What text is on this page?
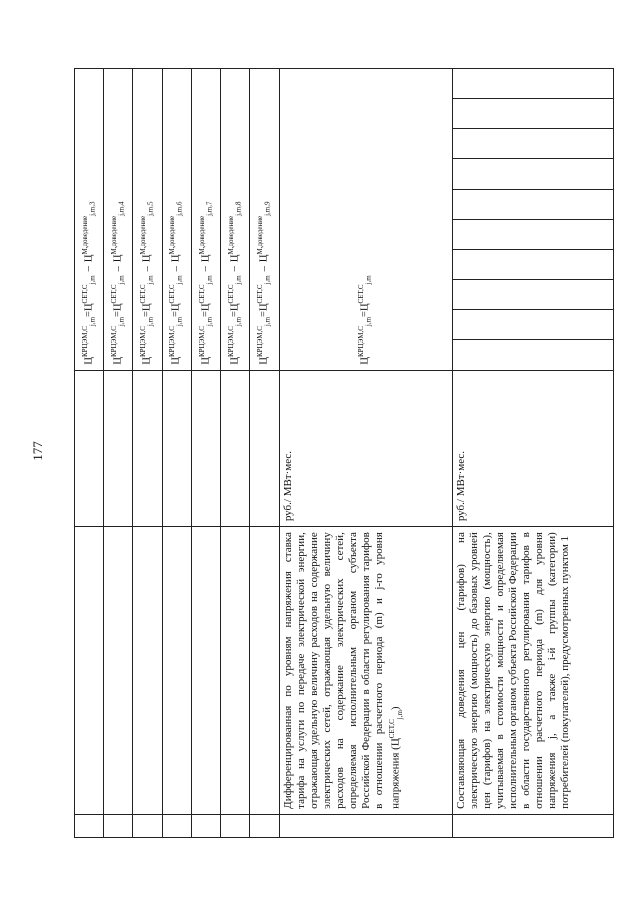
177
			$Ц^{КРЦЭМ,С}_{j,m}=Ц^{СЕТ,С}_{j,m}-Ц^{М,доведение}_{j,m,3}$
			$Ц^{КРЦЭМ,С}_{j,m}=Ц^{СЕТ,С}_{j,m}-Ц^{М,доведение}_{j,m,4}$
			$Ц^{КРЦЭМ,С}_{j,m}=Ц^{СЕТ,С}_{j,m}-Ц^{М,доведение}_{j,m,5}$
			$Ц^{КРЦЭМ,С}_{j,m}=Ц^{СЕТ,С}_{j,m}-Ц^{М,доведение}_{j,m,6}$
			$Ц^{КРЦЭМ,С}_{j,m}=Ц^{СЕТ,С}_{j,m}-Ц^{М,доведение}_{j,m,7}$
			$Ц^{КРЦЭМ,С}_{j,m}=Ц^{СЕТ,С}_{j,m}-Ц^{М,доведение}_{j,m,8}$
			$Ц^{КРЦЭМ,С}_{j,m}=Ц^{СЕТ,С}_{j,m}-Ц^{М,доведение}_{j,m,9}$
	Дифференцированная по уровням напряжения ставка тарифа на услуги по передаче электрической энергии, отражающая удельную величину расходов на содержание электрических сетей, отражающая удельную величину расходов на содержание электрических сетей, определяемая исполнительным органом субъекта Российской Федерации в области регулирования тарифов в отношении расчетного периода (m) и j-го уровня напряжения $(Ц^{СЕТ,С}_{j,m})$	руб./ МВт·мес.	$Ц^{КРЦЭМ,С}_{j,m}=Ц^{СЕТ,С}_{j,m}$
	Составляющая доведения цен (тарифов) на электрическую энергию (мощность) до базовых уровней цен (тарифов) на электрическую энергию (мощность), учитываемая в стоимости мощности и определяемая исполнительным органом субъекта Российской Федерации в области государственного регулирования тарифов в отношении расчетного периода (m) для уровня напряжения j, а также i-й группы (категории) потребителей (покупателей), предусмотренных пунктом 1	руб./ МВт·мес.										
